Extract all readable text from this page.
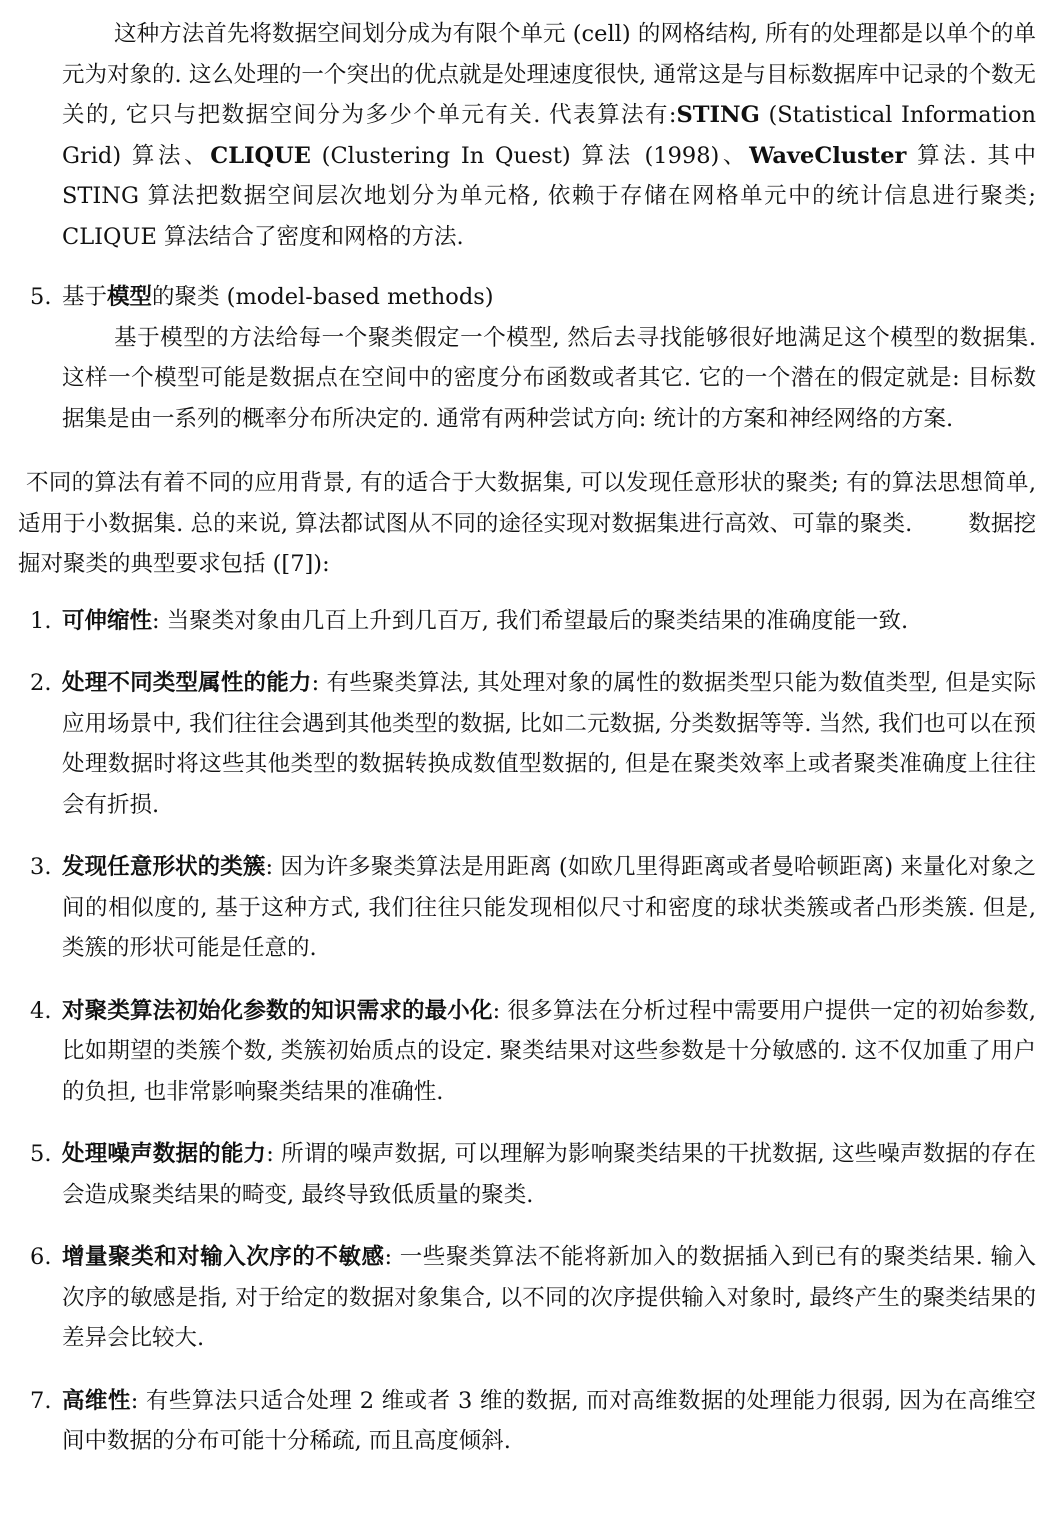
这种方法首先将数据空间划分成为有限个单元 (cell) 的网格结构, 所有的处理都是以单个的单元为对象的. 这么处理的一个突出的优点就是处理速度很快, 通常这是与目标数据库中记录的个数无关的, 它只与把数据空间分为多少个单元有关. 代表算法有:STING (Statistical Information Grid) 算法、CLIQUE (Clustering In Quest) 算法 (1998)、WaveCluster 算法. 其中 STING 算法把数据空间层次地划分为单元格, 依赖于存储在网格单元中的统计信息进行聚类; CLIQUE 算法结合了密度和网格的方法.

5. 基于模型的聚类 (model-based methods)

基于模型的方法给每一个聚类假定一个模型, 然后去寻找能够很好地满足这个模型的数据集. 这样一个模型可能是数据点在空间中的密度分布函数或者其它. 它的一个潜在的假定就是: 目标数据集是由一系列的概率分布所决定的. 通常有两种尝试方向: 统计的方案和神经网络的方案.

不同的算法有着不同的应用背景, 有的适合于大数据集, 可以发现任意形状的聚类; 有的算法思想简单, 适用于小数据集. 总的来说, 算法都试图从不同的途径实现对数据集进行高效、可靠的聚类. 数据挖掘对聚类的典型要求包括 ([7]):

1. 可伸缩性: 当聚类对象由几百上升到几百万, 我们希望最后的聚类结果的准确度能一致.
2. 处理不同类型属性的能力: 有些聚类算法, 其处理对象的属性的数据类型只能为数值类型, 但是实际应用场景中, 我们往往会遇到其他类型的数据, 比如二元数据, 分类数据等等. 当然, 我们也可以在预处理数据时将这些其他类型的数据转换成数值型数据的, 但是在聚类效率上或者聚类准确度上往往会有折损.
3. 发现任意形状的类簇: 因为许多聚类算法是用距离 (如欧几里得距离或者曼哈顿距离) 来量化对象之间的相似度的, 基于这种方式, 我们往往只能发现相似尺寸和密度的球状类簇或者凸形类簇. 但是, 类簇的形状可能是任意的.
4. 对聚类算法初始化参数的知识需求的最小化: 很多算法在分析过程中需要用户提供一定的初始参数, 比如期望的类簇个数, 类簇初始质点的设定. 聚类结果对这些参数是十分敏感的. 这不仅加重了用户的负担, 也非常影响聚类结果的准确性.
5. 处理噪声数据的能力: 所谓的噪声数据, 可以理解为影响聚类结果的干扰数据, 这些噪声数据的存在会造成聚类结果的畸变, 最终导致低质量的聚类.
6. 增量聚类和对输入次序的不敏感: 一些聚类算法不能将新加入的数据插入到已有的聚类结果. 输入次序的敏感是指, 对于给定的数据对象集合, 以不同的次序提供输入对象时, 最终产生的聚类结果的差异会比较大.
7. 高维性: 有些算法只适合处理 2 维或者 3 维的数据, 而对高维数据的处理能力很弱, 因为在高维空间中数据的分布可能十分稀疏, 而且高度倾斜.
